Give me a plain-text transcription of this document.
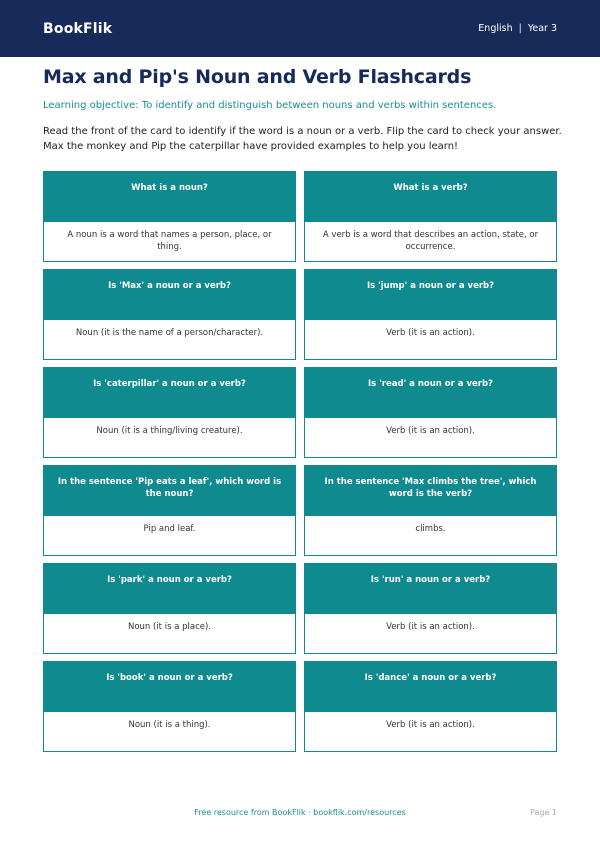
BookFlik	English | Year 3
Max and Pip's Noun and Verb Flashcards

Learning objective: To identify and distinguish between nouns and verbs within sentences.

Read the front of the card to identify if the word is a noun or a verb. Flip the card to check your answer. Max the monkey and Pip the caterpillar have provided examples to help you learn!

What is a noun?
A noun is a word that names a person, place, or thing.
What is a verb?
A verb is a word that describes an action, state, or occurrence.
Is 'Max' a noun or a verb?
Noun (it is the name of a person/character).
Is 'jump' a noun or a verb?
Verb (it is an action).
Is 'caterpillar' a noun or a verb?
Noun (it is a thing/living creature).
Is 'read' a noun or a verb?
Verb (it is an action).
In the sentence 'Pip eats a leaf', which word is the noun?
Pip and leaf.
In the sentence 'Max climbs the tree', which word is the verb?
climbs.
Is 'park' a noun or a verb?
Noun (it is a place).
Is 'run' a noun or a verb?
Verb (it is an action).
Is 'book' a noun or a verb?
Noun (it is a thing).
Is 'dance' a noun or a verb?
Verb (it is an action).
Free resource from BookFlik · bookflik.com/resources	Page 1
